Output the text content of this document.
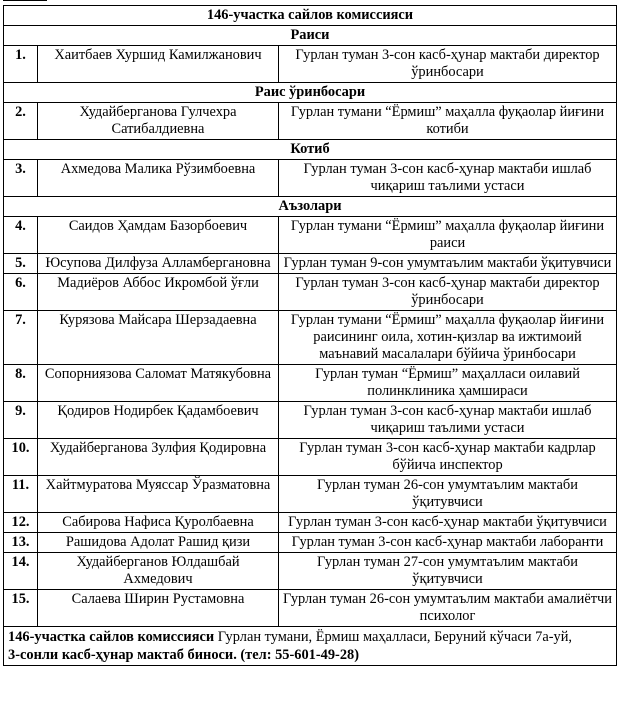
146-участка сайлов комиссияси		
Раиси		
1.	Хаитбаев Хуршид Камилжанович	Гурлан туман 3-сон касб-ҳунар мактаби директор ўринбосари
Раис ўринбосари		
2.	Худайберганова Гулчехра Сатибалдиевна	Гурлан тумани “Ёрмиш” маҳалла фуқаолар йиғини котиби
Котиб		
3.	Ахмедова Малика Рўзимбоевна	Гурлан туман 3-сон касб-ҳунар мактаби ишлаб чиқариш таълими устаси
Аъзолари		
4.	Саидов Ҳамдам Базорбоевич	Гурлан тумани “Ёрмиш” маҳалла фуқаолар йиғини раиси
5.	Юсупова Дилфуза Алламбергановна	Гурлан туман 9-сон умумтаълим мактаби ўқитувчиси
6.	Мадиёров Аббос Икромбой ўғли	Гурлан туман 3-сон касб-ҳунар мактаби директор ўринбосари
7.	Курязова Майсара Шерзадаевна	Гурлан тумани “Ёрмиш” маҳалла фуқаолар йиғини раисининг оила, хотин-қизлар ва ижтимоий маънавий масалалари бўйича ўринбосари
8.	Сопорниязова Саломат Матякубовна	Гурлан туман “Ёрмиш” маҳалласи оилавий полинклиника ҳамшираси
9.	Қодиров Нодирбек Қадамбоевич	Гурлан туман 3-сон касб-ҳунар мактаби ишлаб чиқариш таълими устаси
10.	Худайберганова Зулфия Қодировна	Гурлан туман 3-сон касб-ҳунар мактаби кадрлар бўйича инспектор
11.	Хайтмуратова Муяссар Ўразматовна	Гурлан туман 26-сон умумтаълим мактаби ўқитувчиси
12.	Сабирова Нафиса Қуролбаевна	Гурлан туман 3-сон касб-ҳунар мактаби ўқитувчиси
13.	Рашидова Адолат Рашид қизи	Гурлан туман 3-сон касб-ҳунар мактаби лаборанти
14.	Худайберганов Юлдашбай Ахмедович	Гурлан туман 27-сон умумтаълим мактаби ўқитувчиси
15.	Салаева Ширин Рустамовна	Гурлан туман 26-сон умумтаълим мактаби амалиётчи психолог
146-участка сайлов комиссияси Гурлан тумани, Ёрмиш маҳалласи, Беруний кўчаси 7а-уй,
3-сонли касб-ҳунар мактаб биноси. (тел: 55-601-49-28)		
